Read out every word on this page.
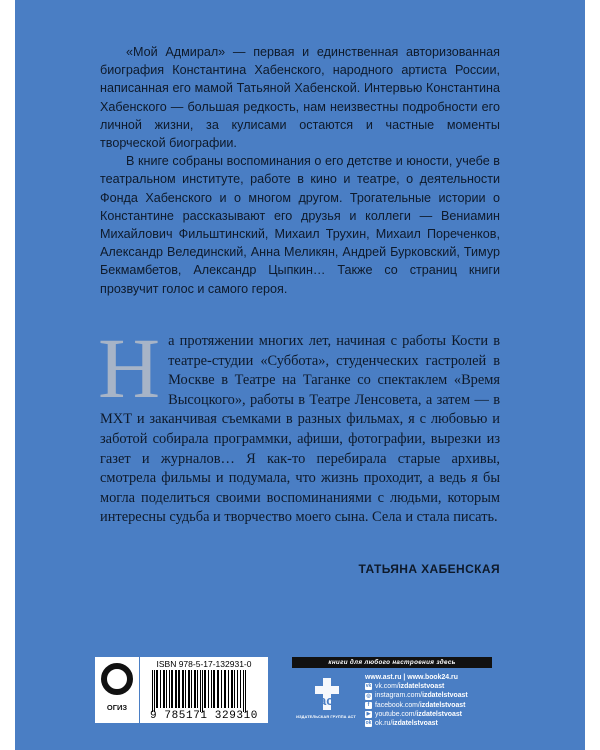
«Мой Адмирал» — первая и единственная авторизованная биография Константина Хабенского, народного артиста России, написанная его мамой Татьяной Хабенской. Интервью Константина Хабенского — большая редкость, нам неизвестны подробности его личной жизни, за кулисами остаются и частные моменты творческой биографии.

В книге собраны воспоминания о его детстве и юности, учебе в театральном институте, работе в кино и театре, о деятельности Фонда Хабенского и о многом другом. Трогательные истории о Константине рассказывают его друзья и коллеги — Вениамин Михайлович Фильштинский, Михаил Трухин, Михаил Пореченков, Александр Велединский, Анна Меликян, Андрей Бурковский, Тимур Бекмамбетов, Александр Цыпкин… Также со страниц книги прозвучит голос и самого героя.

На протяжении многих лет, начиная с работы Кости в театре-студии «Суббота», студенческих гастролей в Москве в Театре на Таганке со спектаклем «Время Высоцкого», работы в Театре Ленсовета, а затем — в МХТ и заканчивая съемками в разных фильмах, я с любовью и заботой собирала программки, афиши, фотографии, вырезки из газет и журналов… Я как-то перебирала старые архивы, смотрела фильмы и подумала, что жизнь проходит, а ведь я бы могла поделиться своими воспоминаниями с людьми, которым интересны судьба и творчество моего сына. Села и стала писать.
ТАТЬЯНА ХАБЕНСКАЯ
ОГИЗ
ISBN 978-5-17-132931-0
9 785171 329310
книги для любого настроения здесь
аст
ИЗДАТЕЛЬСКАЯ ГРУППА АСТ
www.ast.ru | www.book24.ru
vk vk.com/ izdatelstvoast
◎ instagram.com/ izdatelstvoast
f facebook.com/ izdatelstvoast
▶ youtube.com/ izdatelstvoast
ok ok.ru/ izdatelstvoast
